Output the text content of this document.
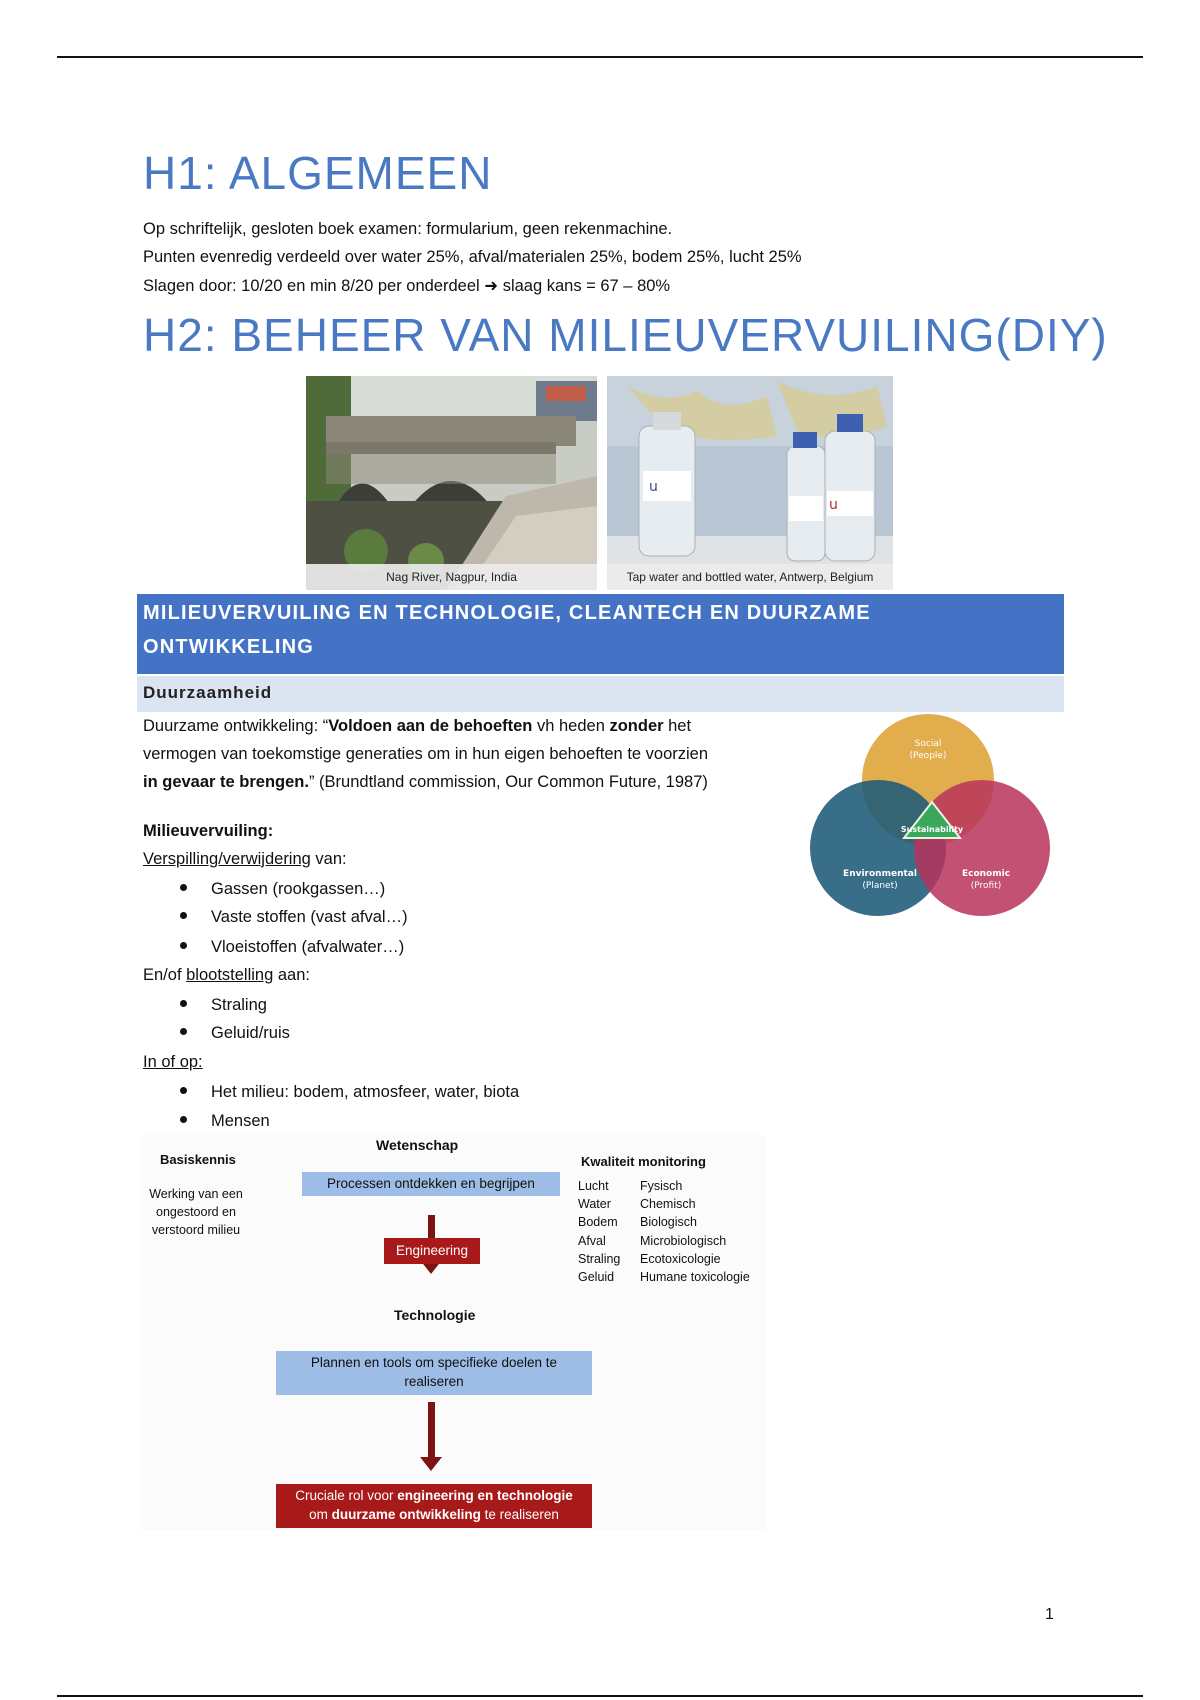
H1: ALGEMEEN
Op schriftelijk, gesloten boek examen: formularium, geen rekenmachine.
Punten evenredig verdeeld over water 25%, afval/materialen 25%, bodem 25%, lucht 25%
Slagen door: 10/20 en min 8/20 per onderdeel ➜ slaag kans = 67 – 80%
H2: BEHEER VAN MILIEUVERVUILING(DIY)
Nag River, Nagpur, India
u
u
Tap water and bottled water, Antwerp, Belgium
MILIEUVERVUILING EN TECHNOLOGIE, CLEANTECH EN DUURZAME
ONTWIKKELING
Duurzaamheid
Duurzame ontwikkeling: “Voldoen aan de behoeften vh heden zonder het
vermogen van toekomstige generaties om in hun eigen behoeften te voorzien
in gevaar te brengen.” (Brundtland commission, Our Common Future, 1987)
Social
(People)
Sustainability
Environmental
(Planet)
Economic
(Profit)
Milieuvervuiling:
Verspilling/verwijdering van:
Gassen (rookgassen…)
Vaste stoffen (vast afval…)
Vloeistoffen (afvalwater…)
En/of blootstelling aan:
Straling
Geluid/ruis
In of op:
Het milieu: bodem, atmosfeer, water, biota
Mensen
Basiskennis
Werking van een
ongestoord en
verstoord milieu
Wetenschap
Processen ontdekken en begrijpen
Engineering
Technologie
Plannen en tools om specifieke doelen te
realiseren
Cruciale rol voor engineering en technologie
om duurzame ontwikkeling te realiseren
Kwaliteit monitoring
Lucht
Water
Bodem
Afval
Straling
Geluid
Fysisch
Chemisch
Biologisch
Microbiologisch
Ecotoxicologie
Humane toxicologie
1
